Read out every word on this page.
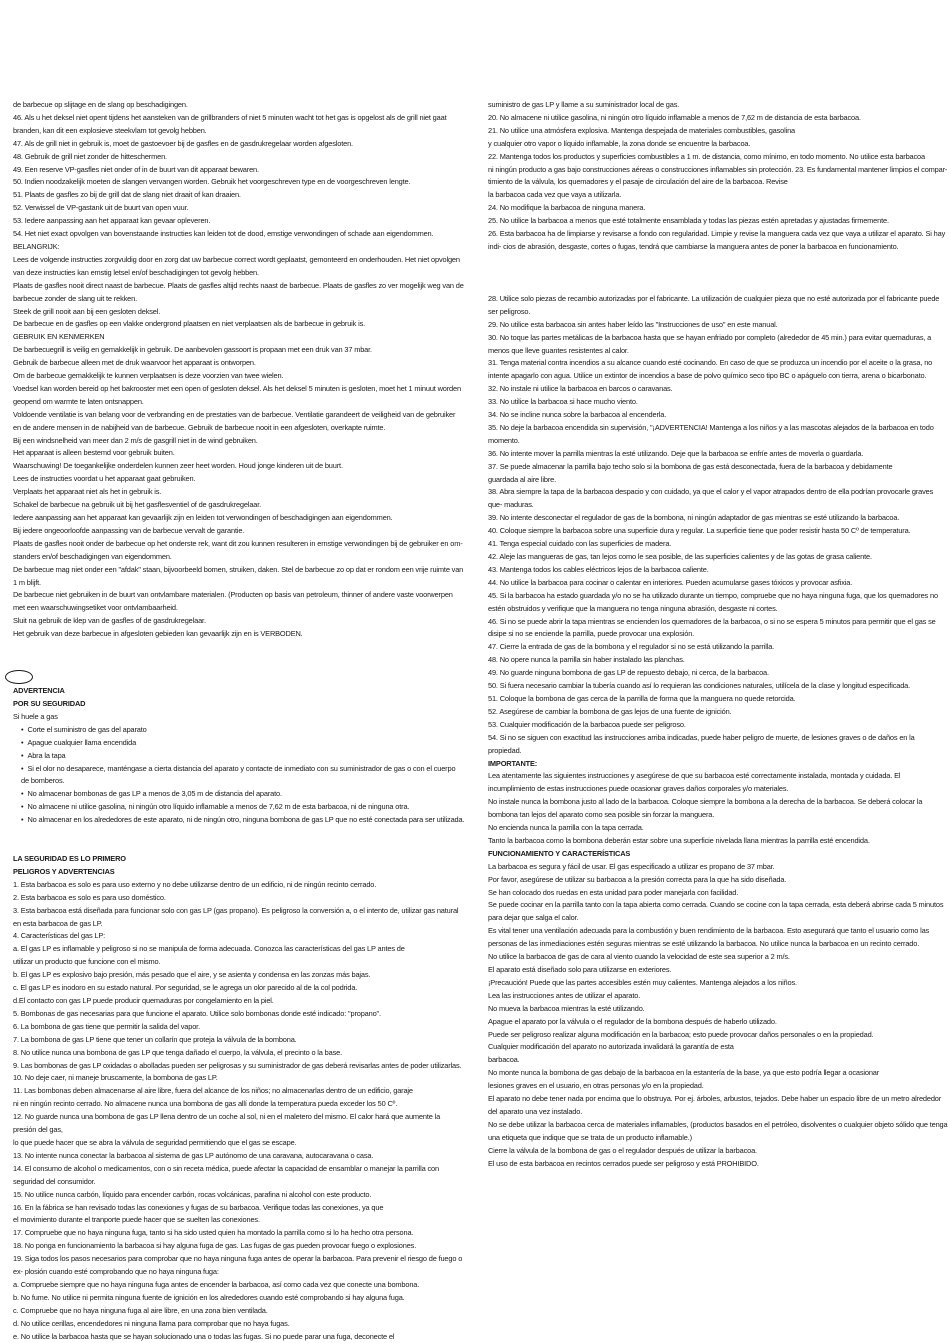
de barbecue op slijtage en de slang op beschadigingen.

46. Als u het deksel niet opent tijdens het aansteken van de grillbranders of niet 5 minuten wacht tot het gas is opgelost als de grill niet gaat branden, kan dit een explosieve steekvlam tot gevolg hebben.

47. Als de grill niet in gebruik is, moet de gastoevoer bij de gasfles en de gasdrukregelaar worden afgesloten.

48. Gebruik de grill niet zonder de hitteschermen.

49. Een reserve VP-gasfles niet onder of in de buurt van dit apparaat bewaren.

50. Indien noodzakelijk moeten de slangen vervangen worden. Gebruik het voorgeschreven type en de voorgeschreven lengte.

51. Plaats de gasfles zo bij de grill dat de slang niet draait of kan draaien.

52. Verwissel de VP-gastank uit de buurt van open vuur.

53. Iedere aanpassing aan het apparaat kan gevaar opleveren.

54. Het niet exact opvolgen van bovenstaande instructies kan leiden tot de dood, emstige verwondingen of schade aan eigendommen.

BELANGRIJK:

Lees de volgende instructies zorgvuldig door en zorg dat uw barbecue correct wordt geplaatst, gemonteerd en onderhouden. Het niet opvolgen van deze instructies kan emstig letsel en/of beschadigingen tot gevolg hebben.

Plaats de gasfles nooit direct naast de barbecue. Plaats de gasfles altijd rechts naast de barbecue. Plaats de gasfles zo ver mogelijk weg van de barbecue zonder de slang uit te rekken.

Steek de grill nooit aan bij een gesloten deksel.

De barbecue en de gasfles op een vlakke ondergrond plaatsen en niet verplaatsen als de barbecue in gebruik is.

GEBRUIK EN KENMERKEN

De barbecuegrill is veilig en gemakkelijk in gebruik. De aanbevolen gassoort is propaan met een druk van 37 mbar.

Gebruik de barbecue alleen met de druk waarvoor het apparaat is ontworpen.

Om de barbecue gemakkelijk te kunnen verplaatsen is deze voorzien van twee wielen.

Voedsel kan worden bereid op het bakrooster met een open of gesloten deksel. Als het deksel 5 minuten is gesloten, moet het 1 minuut worden geopend om warmte te laten ontsnappen.

Voldoende ventilatie is van belang voor de verbranding en de prestaties van de barbecue. Ventilatie garandeert de veiligheid van de gebruiker en de andere mensen in de nabijheid van de barbecue. Gebruik de barbecue nooit in een afgesloten, overkapte ruimte.

Bij een windsnelheid van meer dan 2 m/s de gasgrill niet in de wind gebruiken.

Het apparaat is alleen bestemd voor gebruik buiten.

Waarschuwing! De toegankelijke onderdelen kunnen zeer heet worden. Houd jonge kinderen uit de buurt.

Lees de instructies voordat u het apparaat gaat gebruiken.

Verplaats het apparaat niet als het in gebruik is.

Schakel de barbecue na gebruik uit bij het gasflesventiel of de gasdrukregelaar.

Iedere aanpassing aan het apparaat kan gevaarlijk zijn en leiden tot verwondingen of beschadigingen aan eigendommen.

Bij iedere ongeoorloofde aanpassing van de barbecue vervalt de garantie.

Plaats de gasfles nooit onder de barbecue op het onderste rek, want dit zou kunnen resulteren in ernstige verwondingen bij de gebruiker en om- standers en/of beschadigingen van eigendommen.

De barbecue mag niet onder een "afdak" staan, bijvoorbeeld bomen, struiken, daken. Stel de barbecue zo op dat er rondom een vrije ruimte van 1 m blijft.

De barbecue niet gebruiken in de buurt van ontvlambare materialen. (Producten op basis van petroleum, thinner of andere vaste voorwerpen met een waarschuwingsetiket voor ontvlambaarheid.

Sluit na gebruik de klep van de gasfles of de gasdrukregelaar.

Het gebruik van deze barbecue in afgesloten gebieden kan gevaarlijk zijn en is VERBODEN.

ADVERTENCIA

POR SU SEGURIDAD

Si huele a gas

• Corte el suministro de gas del aparato

• Apague cualquier llama encendida

• Abra la tapa

• Si el olor no desaparece, manténgase a cierta distancia del aparato y contacte de inmediato con su suministrador de gas o con el cuerpo de bomberos.

• No almacenar bombonas de gas LP a menos de 3,05 m de distancia del aparato.

• No almacene ni utilice gasolina, ni ningún otro líquido inflamable a menos de 7,62 m de esta barbacoa, ni de ninguna otra.

• No almacenar en los alrededores de este aparato, ni de ningún otro, ninguna bombona de gas LP que no esté conectada para ser utilizada.

LA SEGURIDAD ES LO PRIMERO

PELIGROS Y ADVERTENCIAS

1. Esta barbacoa es solo es para uso externo y no debe utilizarse dentro de un edificio, ni de ningún recinto cerrado.

2. Esta barbacoa es solo es para uso doméstico.

3. Esta barbacoa está diseñada para funcionar solo con gas LP (gas propano). Es peligroso la conversión a, o el intento de, utilizar gas natural en esta barbacoa de gas LP.

4. Características del gas LP:

a. El gas LP es inflamable y peligroso si no se manipula de forma adecuada. Conozca las características del gas LP antes de

utilizar un producto que funcione con el mismo.

b. El gas LP es explosivo bajo presión, más pesado que el aire, y se asienta y condensa en las zonzas más bajas.

c. El gas LP es inodoro en su estado natural. Por seguridad, se le agrega un olor parecido al de la col podrida.

d.El contacto con gas LP puede producir quemaduras por congelamiento en la piel.

5. Bombonas de gas necesarias para que funcione el aparato. Utilice solo bombonas donde esté indicado: "propano".

6. La bombona de gas tiene que permitir la salida del vapor.

7. La bombona de gas LP tiene que tener un collarín que proteja la válvula de la bombona.

8. No utilice nunca una bombona de gas LP que tenga dañado el cuerpo, la válvula, el precinto o la base.

9. Las bombonas de gas LP oxidadas o abolladas pueden ser peligrosas y su suministrador de gas deberá revisarlas antes de poder utilizarlas.

10. No deje caer, ni maneje bruscamente, la bombona de gas LP.

11. Las bombonas deben almacenarse al aire libre, fuera del alcance de los niños; no almacenarlas dentro de un edificio, garaje

ni en ningún recinto cerrado. No almacene nunca una bombona de gas allí donde la temperatura pueda exceder los 50 Cº.

12. No guarde nunca una bombona de gas LP llena dentro de un coche al sol, ni en el maletero del mismo. El calor hará que aumente la presión del gas,

lo que puede hacer que se abra la válvula de seguridad permitiendo que el gas se escape.

13. No intente nunca conectar la barbacoa al sistema de gas LP autónomo de una caravana, autocaravana o casa.

14. El consumo de alcohol o medicamentos, con o sin receta médica, puede afectar la capacidad de ensamblar o manejar la parrilla con seguridad del consumidor.

15. No utilice nunca carbón, líquido para encender carbón, rocas volcánicas, parafina ni alcohol con este producto.

16. En la fábrica se han revisado todas las conexiones y fugas de su barbacoa. Verifique todas las conexiones, ya que

el movimiento durante el tranporte puede hacer que se suelten las conexiones.

17. Compruebe que no haya ninguna fuga, tanto si ha sido usted quien ha montado la parrilla como si lo ha hecho otra persona.

18. No ponga en funcionamiento la barbacoa si hay alguna fuga de gas. Las fugas de gas pueden provocar fuego o explosiones.

19. Siga todos los pasos necesarios para comprobar que no haya ninguna fuga antes de operar la barbacoa. Para prevenir el riesgo de fuego o ex- plosión cuando esté comprobando que no haya ninguna fuga:

a. Compruebe siempre que no haya ninguna fuga antes de encender la barbacoa, así como cada vez que conecte una bombona.

b. No fume. No utilice ni permita ninguna fuente de ignición en los alrededores cuando esté comprobando si hay alguna fuga.

c. Compruebe que no haya ninguna fuga al aire libre, en una zona bien ventilada.

d. No utilice cerillas, encendedores ni ninguna llama para comprobar que no haya fugas.

e. No utilice la barbacoa hasta que se hayan solucionado una o todas las fugas. Si no puede parar una fuga, deconecte el

suministro de gas LP y llame a su suministrador local de gas.

20. No almacene ni utilice gasolina, ni ningún otro líquido inflamable a menos de 7,62 m de distancia de esta barbacoa.

21. No utilice una atmósfera explosiva. Mantenga despejada de materiales combustibles, gasolina

y cualquier otro vapor o líquido inflamable, la zona donde se encuentre la barbacoa.

22. Mantenga todos los productos y superficies combustibles a 1 m. de distancia, como mínimo, en todo momento. No utilice esta barbacoa

ni ningún producto a gas bajo construcciones aéreas o construcciones inflamables sin protección. 23. Es fundamental mantener limpios el compar- timiento de la válvula, los quemadores y el pasaje de circulación del aire de la barbacoa. Revise

la barbacoa cada vez que vaya a utilizarla.

24. No modifique la barbacoa de ninguna manera.

25. No utilice la barbacoa a menos que esté totalmente ensamblada y todas las piezas estén apretadas y ajustadas firmemente.

26. Esta barbacoa ha de limpiarse y revisarse a fondo con regularidad. Limpie y revise la manguera cada vez que vaya a utilizar el aparato. Si hay indi- cios de abrasión, desgaste, cortes o fugas, tendrá que cambiarse la manguera antes de poner la barbacoa en funcionamiento.

28. Utilice solo piezas de recambio autorizadas por el fabricante. La utilización de cualquier pieza que no esté autorizada por el fabricante puede ser peligroso.

29. No utilice esta barbacoa sin antes haber leído las "Instrucciones de uso" en este manual.

30. No toque las partes metálicas de la barbacoa hasta que se hayan enfriado por completo (alrededor de 45 min.) para evitar quemaduras, a menos que lleve guantes resistentes al calor.

31. Tenga material contra incendios a su alcance cuando esté cocinando. En caso de que se produzca un incendio por el aceite o la grasa, no intente apagarlo con agua. Utilice un extintor de incendios a base de polvo químico seco tipo BC o apáguelo con tierra, arena o bicarbonato.

32. No instale ni utilice la barbacoa en barcos o caravanas.

33. No utilice la barbacoa si hace mucho viento.

34. No se incline nunca sobre la barbacoa al encenderla.

35. No deje la barbacoa encendida sin supervisión, "¡ADVERTENCIA! Mantenga a los niños y a las mascotas alejados de la barbacoa en todo momento.

36. No intente mover la parrilla mientras la esté utilizando. Deje que la barbacoa se enfríe antes de moverla o guardarla.

37. Se puede almacenar la parrilla bajo techo solo si la bombona de gas está desconectada, fuera de la barbacoa y debidamente

guardada al aire libre.

38. Abra siempre la tapa de la barbacoa despacio y con cuidado, ya que el calor y el vapor atrapados dentro de ella podrían provocarle graves que- maduras.

39. No intente desconectar el regulador de gas de la bombona, ni ningún adaptador de gas mientras se esté utilizando la barbacoa.

40. Coloque siempre la barbacoa sobre una superficie dura y regular. La superficie tiene que poder resistir hasta 50 Cº de temperatura.

41. Tenga especial cuidado con las superficies de madera.

42. Aleje las mangueras de gas, tan lejos como le sea posible, de las superficies calientes y de las gotas de grasa caliente.

43. Mantenga todos los cables eléctricos lejos de la barbacoa caliente.

44. No utilice la barbacoa para cocinar o calentar en interiores. Pueden acumularse gases tóxicos y provocar asfixia.

45. Si la barbacoa ha estado guardada y/o no se ha utilizado durante un tiempo, compruebe que no haya ninguna fuga, que los quemadores no estén obstruidos y verifique que la manguera no tenga ninguna abrasión, desgaste ni cortes.

46. Si no se puede abrir la tapa mientras se encienden los quemadores de la barbacoa, o si no se espera 5 minutos para permitir que el gas se disipe si no se enciende la parrilla, puede provocar una explosión.

47. Cierre la entrada de gas de la bombona y el regulador si no se está utilizando la parrilla.

48. No opere nunca la parrilla sin haber instalado las planchas.

49. No guarde ninguna bombona de gas LP de repuesto debajo, ni cerca, de la barbacoa.

50. Si fuera necesario cambiar la tubería cuando así lo requieran las condiciones naturales, utilícela de la clase y longitud especificada.

51. Coloque la bombona de gas cerca de la parrilla de forma que la manguera no quede retorcida.

52. Asegúrese de cambiar la bombona de gas lejos de una fuente de ignición.

53. Cualquier modificación de la barbacoa puede ser peligroso.

54. Si no se siguen con exactitud las instrucciones arriba indicadas, puede haber peligro de muerte, de lesiones graves o de daños en la propiedad.

IMPORTANTE:

Lea atentamente las siguientes instrucciones y asegúrese de que su barbacoa esté correctamente instalada, montada y cuidada. El incumplimiento de estas instrucciones puede ocasionar graves daños corporales y/o materiales.

No instale nunca la bombona justo al lado de la barbacoa. Coloque siempre la bombona a la derecha de la barbacoa. Se deberá colocar la bombona tan lejos del aparato como sea posible sin forzar la manguera.

No encienda nunca la parrilla con la tapa cerrada.

Tanto la barbacoa como la bombona deberán estar sobre una superficie nivelada llana mientras la parrilla esté encendida.

FUNCIONAMIENTO Y CARACTERÍSTICAS

La barbacoa es segura y fácil de usar. El gas especificado a utilizar es propano de 37 mbar.

Por favor, asegúrese de utilizar su barbacoa a la presión correcta para la que ha sido diseñada.

Se han colocado dos ruedas en esta unidad para poder manejarla con facilidad.

Se puede cocinar en la parrilla tanto con la tapa abierta como cerrada. Cuando se cocine con la tapa cerrada, esta deberá abrirse cada 5 minutos para dejar que salga el calor.

Es vital tener una ventilación adecuada para la combustión y buen rendimiento de la barbacoa. Esto asegurará que tanto el usuario como las personas de las inmediaciones estén seguras mientras se esté utilizando la barbacoa. No utilice nunca la barbacoa en un recinto cerrado.

No utilice la barbacoa de gas de cara al viento cuando la velocidad de este sea superior a 2 m/s.

El aparato está diseñado solo para utilizarse en exteriores.

¡Precaución! Puede que las partes accesibles estén muy calientes. Mantenga alejados a los niños.

Lea las instrucciones antes de utilizar el aparato.

No mueva la barbacoa mientras la esté utilizando.

Apague el aparato por la válvula o el regulador de la bombona después de haberlo utilizado.

Puede ser peligroso realizar alguna modificación en la barbacoa; esto puede provocar daños personales o en la propiedad.

Cualquier modificación del aparato no autorizada invalidará la garantía de esta

barbacoa.

No monte nunca la bombona de gas debajo de la barbacoa en la estantería de la base, ya que esto podría llegar a ocasionar

lesiones graves en el usuario, en otras personas y/o en la propiedad.

El aparato no debe tener nada por encima que lo obstruya. Por ej. árboles, arbustos, tejados. Debe haber un espacio libre de un metro alrededor del aparato una vez instalado.

No se debe utilizar la barbacoa cerca de materiales inflamables, (productos basados en el petróleo, disolventes o cualquier objeto sólido que tenga una etiqueta que indique que se trata de un producto inflamable.)

Cierre la válvula de la bombona de gas o el regulador después de utilizar la barbacoa.

El uso de esta barbacoa en recintos cerrados puede ser peligroso y está PROHIBIDO.
